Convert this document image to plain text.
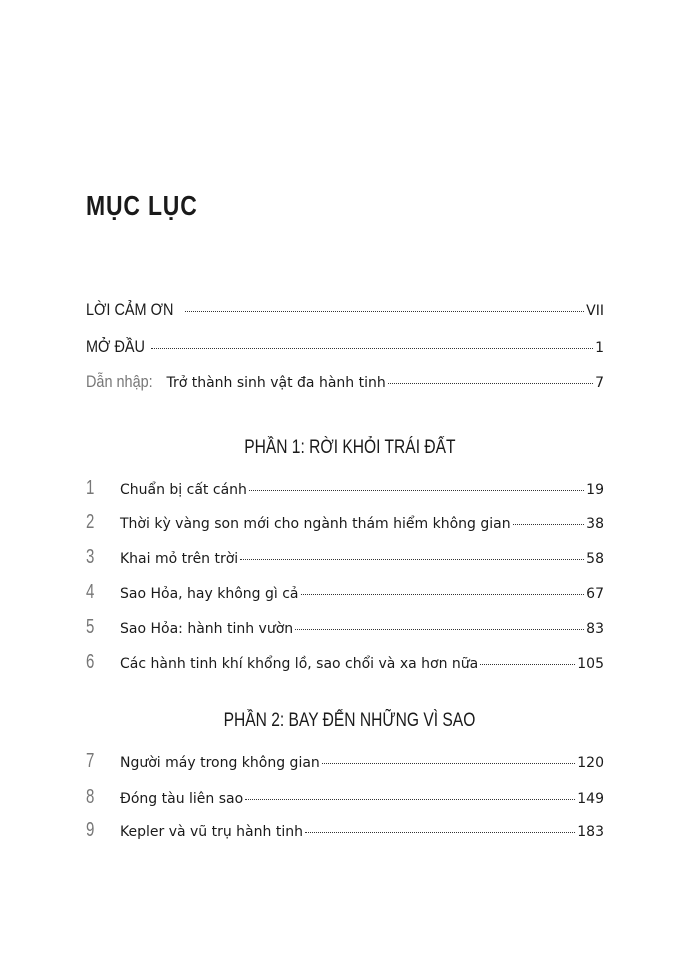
MỤC LỤC
LỜI CẢM ƠN	VII
MỞ ĐẦU	1
Dẫn nhập: Trở thành sinh vật đa hành tinh	7
PHẦN 1: RỜI KHỎI TRÁI ĐẤT
1	Chuẩn bị cất cánh	19
2	Thời kỳ vàng son mới cho ngành thám hiểm không gian	38
3	Khai mỏ trên trời	58
4	Sao Hỏa, hay không gì cả	67
5	Sao Hỏa: hành tinh vườn	83
6	Các hành tinh khí khổng lồ, sao chổi và xa hơn nữa	105
PHẦN 2: BAY ĐẾN NHỮNG VÌ SAO
7	Người máy trong không gian	120
8	Đóng tàu liên sao	149
9	Kepler và vũ trụ hành tinh	183
